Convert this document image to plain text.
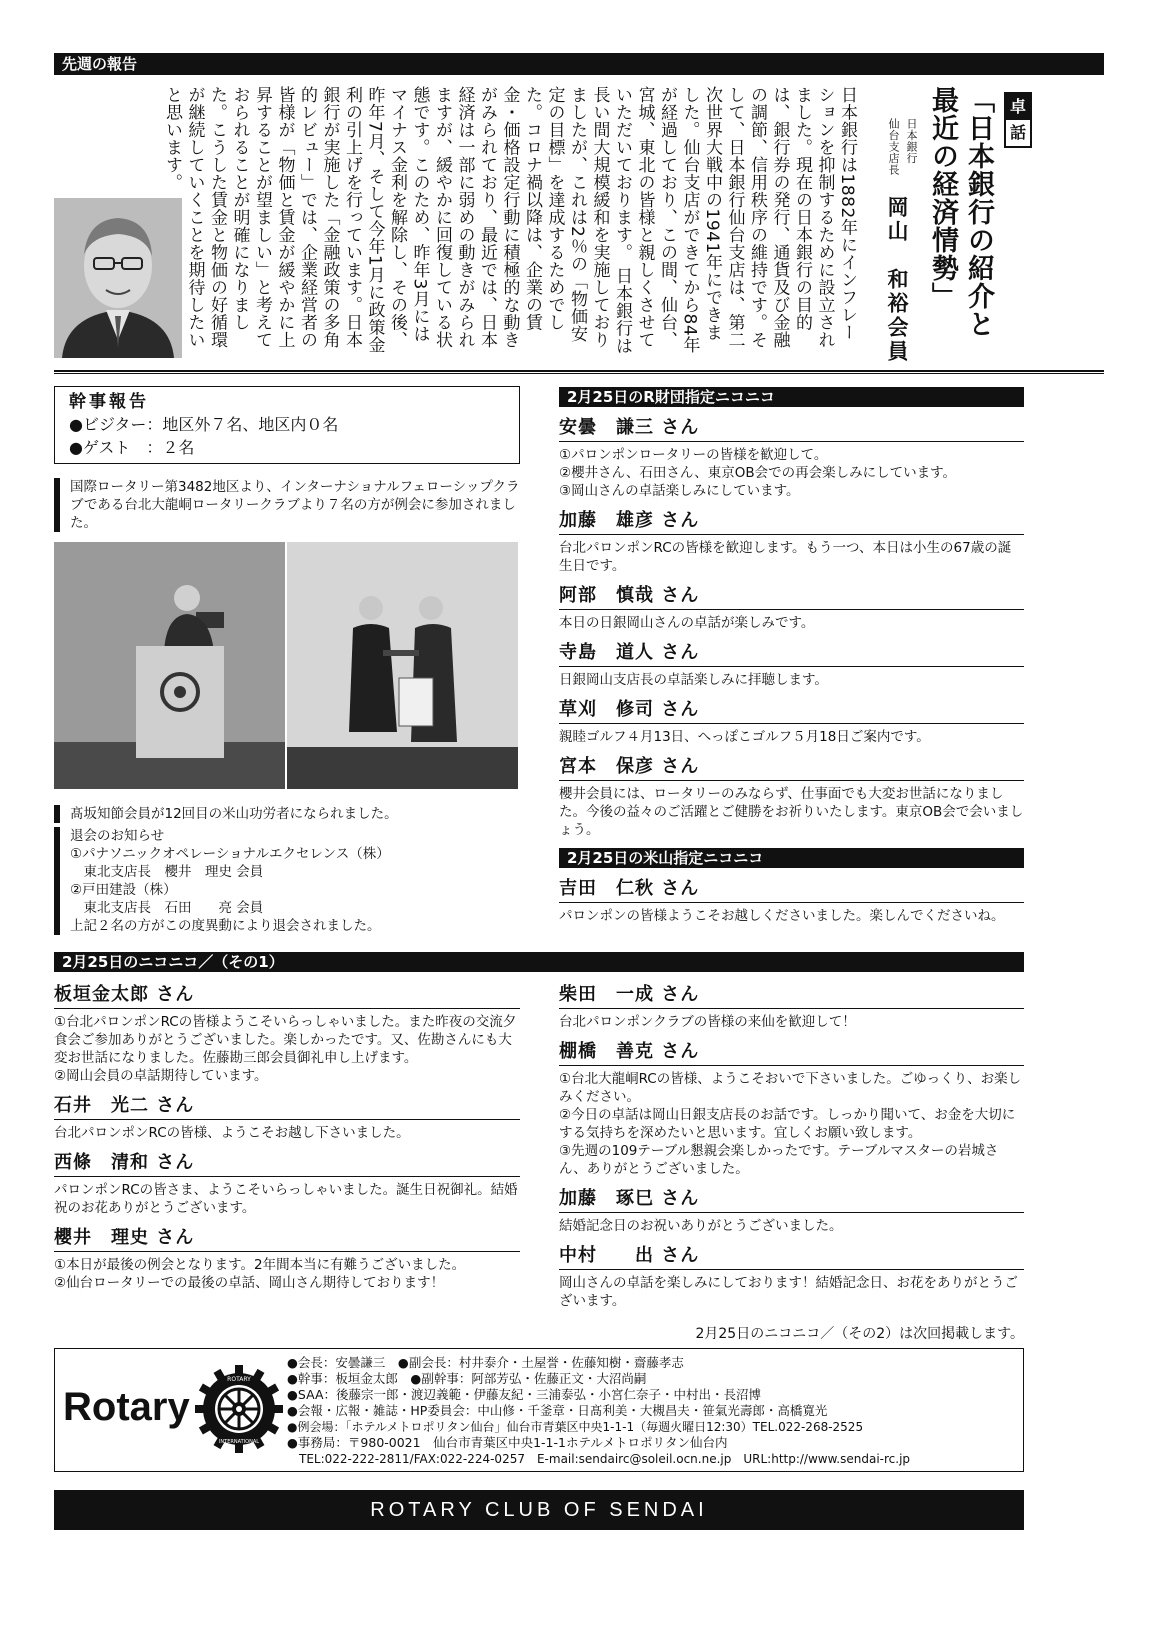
先週の報告
卓
話
「日本銀行の紹介と最近の経済情勢」
日本銀行
仙台支店長
岡山　和裕会員
日本銀行は1882年にインフレーションを抑制するために設立されました。現在の日本銀行の目的は、銀行券の発行、通貨及び金融の調節、信用秩序の維持です。そして、日本銀行仙台支店は、第二次世界大戦中の1941年にできました。仙台支店ができてから84年が経過しており、この間、仙台、宮城、東北の皆様と親しくさせていただいております。 日本銀行は長い間大規模緩和を実施しておりましたが、これは2％の「物価安定の目標」を達成するためでした。コロナ禍以降は、企業の賃金・価格設定行動に積極的な動きがみられており、最近では、日本経済は一部に弱めの動きがみられますが、緩やかに回復している状態です。このため、昨年3月にはマイナス金利を解除し、その後、昨年7月、そして今年1月に政策金利の引上げを行っています。日本銀行が実施した「金融政策の多角的レビュー」では、企業経営者の皆様が「物価と賃金が緩やかに上昇することが望ましい」と考えておられることが明確になりました。こうした賃金と物価の好循環が継続していくことを期待したいと思います。
幹事報告
●ビジター：地区外７名、地区内０名
●ゲスト　：２名
国際ロータリー第3482地区より、インターナショナルフェローシップクラブである台北大龍峒ロータリークラブより７名の方が例会に参加されました。
髙坂知節会員が12回目の米山功労者になられました。
退会のお知らせ
①パナソニックオペレーショナルエクセレンス（株）
　東北支店長　櫻井　理史 会員
②戸田建設（株）
　東北支店長　石田　　亮 会員
上記２名の方がこの度異動により退会されました。
2月25日のR財団指定ニコニコ
安曇　謙三 さん
①パロンポンロータリーの皆様を歓迎して。
②櫻井さん、石田さん、東京OB会での再会楽しみにしています。
③岡山さんの卓話楽しみにしています。
加藤　雄彦 さん
台北パロンポンRCの皆様を歓迎します。もう一つ、本日は小生の67歳の誕生日です。
阿部　慎哉 さん
本日の日銀岡山さんの卓話が楽しみです。
寺島　道人 さん
日銀岡山支店長の卓話楽しみに拝聴します。
草刈　修司 さん
親睦ゴルフ４月13日、へっぽこゴルフ５月18日ご案内です。
宮本　保彦 さん
櫻井会員には、ロータリーのみならず、仕事面でも大変お世話になりました。今後の益々のご活躍とご健勝をお祈りいたします。東京OB会で会いましょう。
2月25日の米山指定ニコニコ
吉田　仁秋 さん
パロンポンの皆様ようこそお越しくださいました。楽しんでくださいね。
2月25日のニコニコ／（その1）
板垣金太郎 さん
①台北パロンポンRCの皆様ようこそいらっしゃいました。また昨夜の交流夕食会ご参加ありがとうございました。楽しかったです。又、佐勘さんにも大変お世話になりました。佐藤勘三郎会員御礼申し上げます。
②岡山会員の卓話期待しています。
石井　光二 さん
台北パロンポンRCの皆様、ようこそお越し下さいました。
西條　清和 さん
パロンポンRCの皆さま、ようこそいらっしゃいました。誕生日祝御礼。結婚祝のお花ありがとうございます。
櫻井　理史 さん
①本日が最後の例会となります。2年間本当に有難うございました。
②仙台ロータリーでの最後の卓話、岡山さん期待しております！
柴田　一成 さん
台北パロンポンクラブの皆様の来仙を歓迎して！
棚橋　善克 さん
①台北大龍峒RCの皆様、ようこそおいで下さいました。ごゆっくり、お楽しみください。
②今日の卓話は岡山日銀支店長のお話です。しっかり聞いて、お金を大切にする気持ちを深めたいと思います。宜しくお願い致します。
③先週の109テーブル懇親会楽しかったです。テーブルマスターの岩城さん、ありがとうございました。
加藤　琢巳 さん
結婚記念日のお祝いありがとうございました。
中村　　出 さん
岡山さんの卓話を楽しみにしております！結婚記念日、お花をありがとうございます。
2月25日のニコニコ／（その2）は次回掲載します。
Rotary
ROTARY
INTERNATIONAL
●会長：安曇謙三　●副会長：村井泰介・土屋誉・佐藤知樹・齋藤孝志
●幹事：板垣金太郎　●副幹事：阿部芳弘・佐藤正文・大沼尚嗣
●SAA：後藤宗一郎・渡辺義範・伊藤友紀・三浦泰弘・小宮仁奈子・中村出・長沼博
●会報・広報・雑誌・HP委員会：中山修・千釜章・日髙利美・大槻昌夫・笹氣光壽郎・高橋寛光
●例会場：「ホテルメトロポリタン仙台」仙台市青葉区中央1-1-1（毎週火曜日12:30）TEL.022-268-2525
●事務局：〒980-0021　仙台市青葉区中央1-1-1ホテルメトロポリタン仙台内
TEL:022-222-2811/FAX:022-224-0257　E-mail:sendairc@soleil.ocn.ne.jp　URL:http://www.sendai-rc.jp
ROTARY CLUB OF SENDAI
